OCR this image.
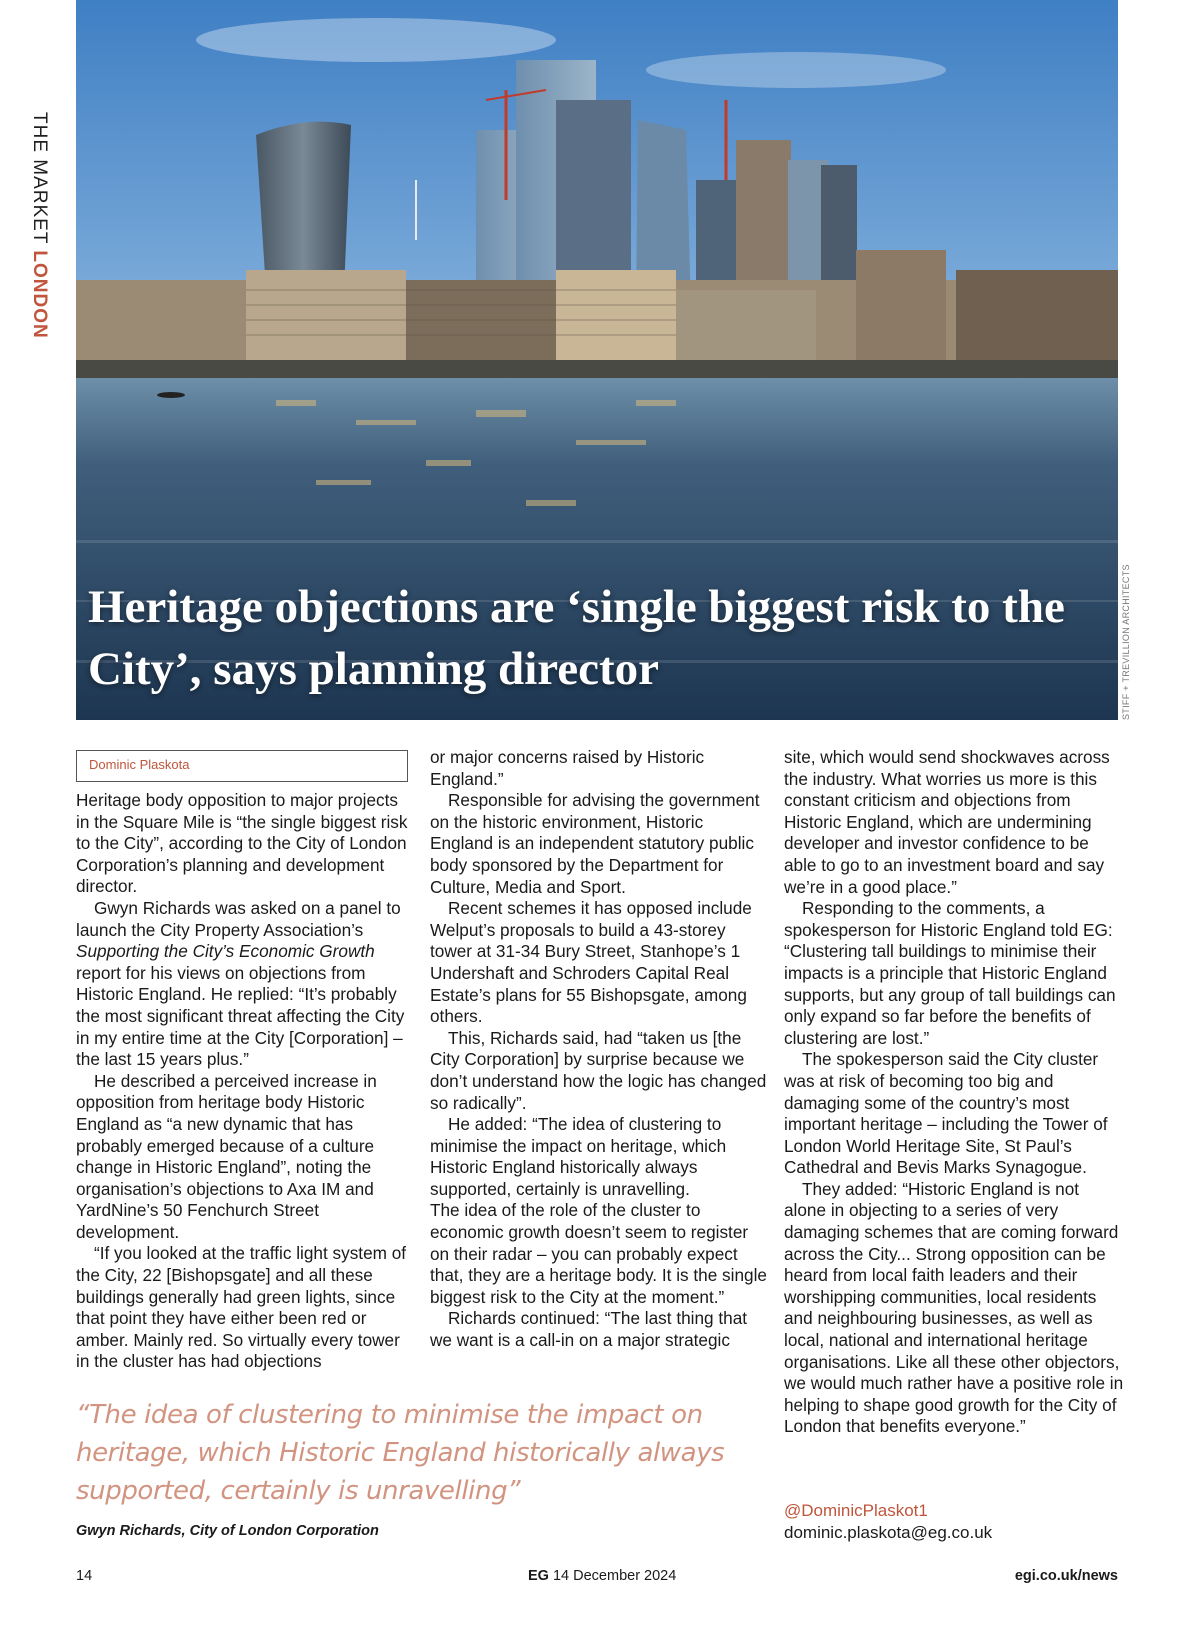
THE MARKET LONDON
Heritage objections are ‘single biggest risk to the City’, says planning director	STIFF + TREVILLION ARCHITECTS
Dominic Plaskota

Heritage body opposition to major projects in the Square Mile is “the single biggest risk to the City”, according to the City of London Corporation’s planning and development director.

Gwyn Richards was asked on a panel to launch the City Property Association’s Supporting the City’s Economic Growth report for his views on objections from Historic England. He replied: “It’s probably the most significant threat affecting the City in my entire time at the City [Corporation] – the last 15 years plus.”

He described a perceived increase in opposition from heritage body Historic England as “a new dynamic that has probably emerged because of a culture change in Historic England”, noting the organisation’s objections to Axa IM and YardNine’s 50 Fenchurch Street development.

“If you looked at the traffic light system of the City, 22 [Bishopsgate] and all these buildings generally had green lights, since that point they have either been red or amber. Mainly red. So virtually every tower in the cluster has had objections

or major concerns raised by Historic England.”

Responsible for advising the government on the historic environment, Historic England is an independent statutory public body sponsored by the Department for Culture, Media and Sport.

Recent schemes it has opposed include Welput’s proposals to build a 43-storey tower at 31-34 Bury Street, Stanhope’s 1 Undershaft and Schroders Capital Real Estate’s plans for 55 Bishopsgate, among others.

This, Richards said, had “taken us [the City Corporation] by surprise because we don’t understand how the logic has changed so radically”.

He added: “The idea of clustering to minimise the impact on heritage, which Historic England historically always supported, certainly is unravelling.

The idea of the role of the cluster to economic growth doesn’t seem to register on their radar – you can probably expect that, they are a heritage body. It is the single biggest risk to the City at the moment.”

Richards continued: “The last thing that we want is a call-in on a major strategic

site, which would send shockwaves across the industry. What worries us more is this constant criticism and objections from Historic England, which are undermining developer and investor confidence to be able to go to an investment board and say we’re in a good place.”

Responding to the comments, a spokesperson for Historic England told EG: “Clustering tall buildings to minimise their impacts is a principle that Historic England supports, but any group of tall buildings can only expand so far before the benefits of clustering are lost.”

The spokesperson said the City cluster was at risk of becoming too big and damaging some of the country’s most important heritage – including the Tower of London World Heritage Site, St Paul’s Cathedral and Bevis Marks Synagogue.

They added: “Historic England is not alone in objecting to a series of very damaging schemes that are coming forward across the City... Strong opposition can be heard from local faith leaders and their worshipping communities, local residents and neighbouring businesses, as well as local, national and international heritage organisations. Like all these other objectors, we would much rather have a positive role in helping to shape good growth for the City of London that benefits everyone.”

“The idea of clustering to minimise the impact on heritage, which Historic England historically always supported, certainly is unravelling”

Gwyn Richards, City of London Corporation
@DominicPlaskot1
dominic.plaskota@eg.co.uk
14	EG 14 December 2024	egi.co.uk/news
